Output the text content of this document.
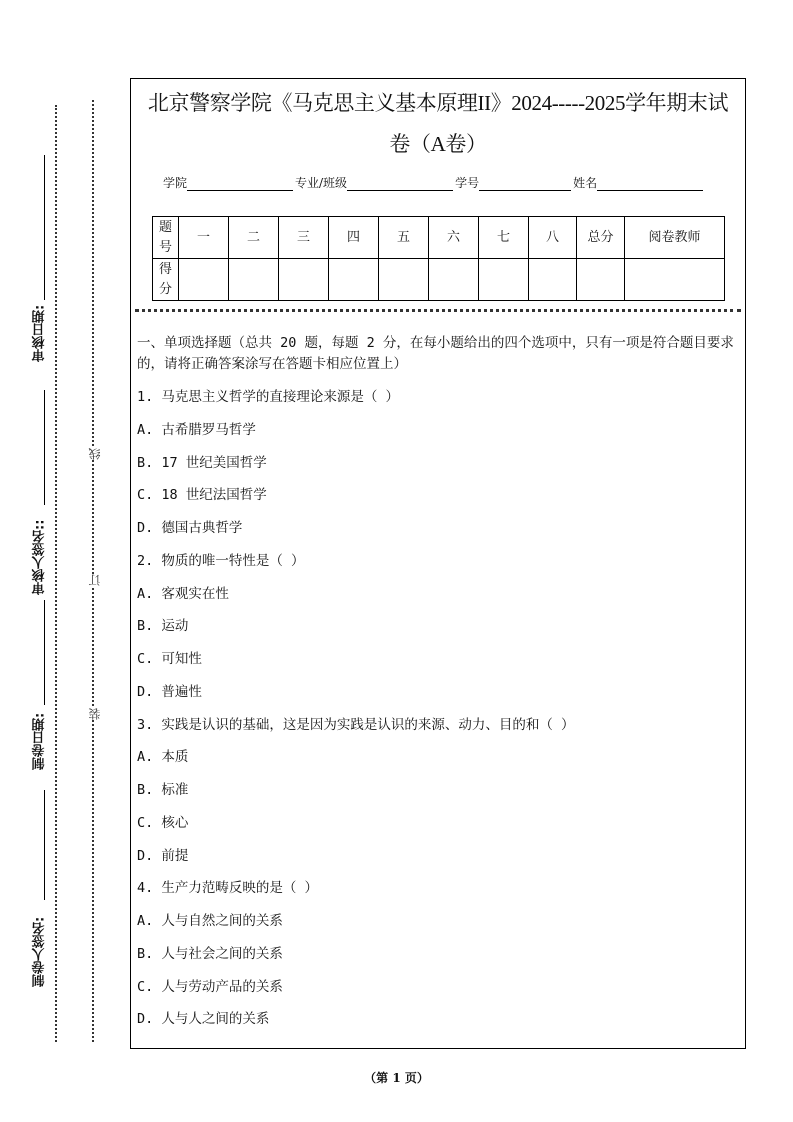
审核日期:
审核人签名::
制卷日期:
制卷人签名:
线
订
装
北京警察学院《马克思主义基本原理II》2024-----2025学年期末试
卷（A卷）
学院	专业/班级	学号	姓名
题号	一	二	三	四	五	六	七	八	总分	阅卷教师
得分										
一、单项选择题（总共 20 题，每题 2 分，在每小题给出的四个选项中，只有一项是符合题目要求的，请将正确答案涂写在答题卡相应位置上）
1. 马克思主义哲学的直接理论来源是（ ）
A. 古希腊罗马哲学
B. 17 世纪美国哲学
C. 18 世纪法国哲学
D. 德国古典哲学
2. 物质的唯一特性是（ ）
A. 客观实在性
B. 运动
C. 可知性
D. 普遍性
3. 实践是认识的基础，这是因为实践是认识的来源、动力、目的和（ ）
A. 本质
B. 标准
C. 核心
D. 前提
4. 生产力范畴反映的是（ ）
A. 人与自然之间的关系
B. 人与社会之间的关系
C. 人与劳动产品的关系
D. 人与人之间的关系
（第 1 页）
